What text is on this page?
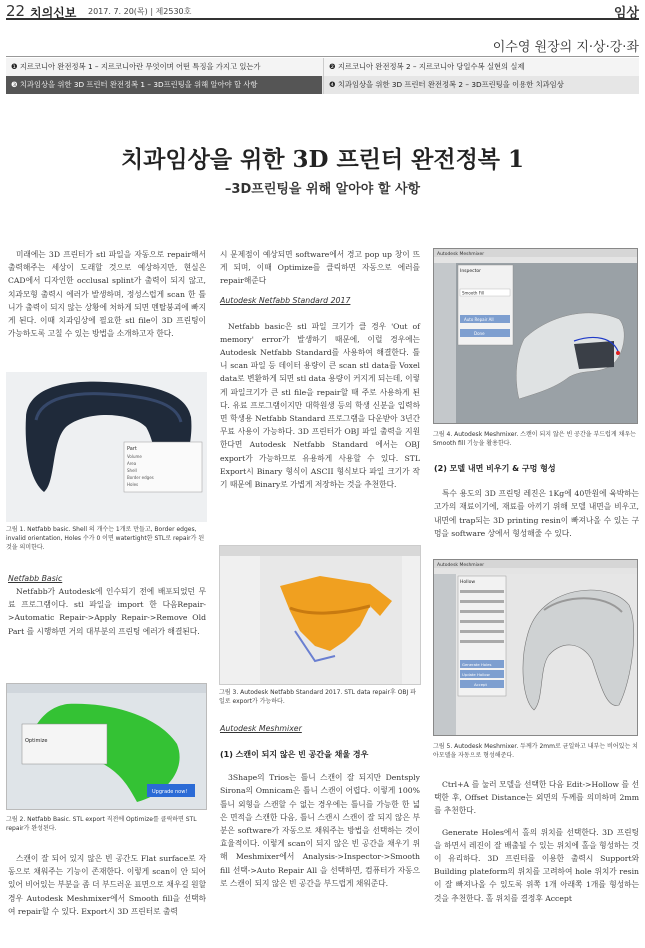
22 치의신보 2017. 7. 20(목) | 제2530호	임상
이수영 원장의 지·상·강·좌
❶ 지르코니아 완전정복 1 – 지르코니아란 무엇이며 어떤 특징을 가지고 있는가	❷ 지르코니아 완전정복 2 – 지르코니아 당일수복 실현의 실제
❸ 치과임상을 위한 3D 프린터 완전정복 1 – 3D프린팅을 위해 알아야 할 사항	❹ 치과임상을 위한 3D 프린터 완전정복 2 – 3D프린팅을 이용한 치과임상
치과임상을 위한 3D 프린터 완전정복 1
–3D프린팅을 위해 알아야 할 사항

미래에는 3D 프린터가 stl 파일을 자동으로 repair해서 출력해주는 세상이 도래할 것으로 예상하지만, 현실은 CAD에서 디자인한 occlusal splint가 출력이 되지 않고, 치과모형 출력시 에러가 발생하며, 정성스럽게 scan 한 틀니가 출력이 되지 않는 상황에 처하게 되면 멘탈붕괴에 빠지게 된다. 이때 치과임상에 필요한 stl file이 3D 프린팅이 가능하도록 고칠 수 있는 방법을 소개하고자 한다.

Part
Volume
Area
Shell
Border edges
Holes
그림 1. Netfabb basic. Shell 의 개수는 1개로 만들고, Border edges, invalid orientation, Holes 수가 0 이면 watertight한 STL로 repair가 된 것을 의미한다.
Netfabb Basic

Netfabb가 Autodesk에 인수되기 전에 배포되었던 무료 프로그램이다. stl 파일을 import 한 다음Repair->Automatic Repair->Apply Repair->Remove Old Part 를 시행하면 거의 대부분의 프린팅 에러가 해결된다.

Optimize
Upgrade now!
그림 2. Netfabb Basic. STL export 직전에 Optimize를 클릭하면 STL repair가 완성된다.

스캔이 잘 되어 있지 않은 빈 공간도 Flat surface로 자동으로 채워주는 기능이 존재한다. 이렇게 scan이 안 되어있어 비어있는 부분을 좀 더 부드러운 표면으로 채우길 원할 경우 Autodesk Meshmixer에서 Smooth fill을 선택하여 repair할 수 있다. Export시 3D 프린터로 출력

시 문제점이 예상되면 software에서 경고 pop up 창이 뜨게 되며, 이때 Optimize를 클릭하면 자동으로 에러를 repair해준다

Autodesk Netfabb Standard 2017

Netfabb basic은 stl 파일 크기가 클 경우 'Out of memory' error가 발생하기 때문에, 이럴 경우에는 Autodesk Netfabb Standard를 사용하여 해결한다. 틀니 scan 파일 등 데이터 용량이 큰 scan stl data를 Voxel data로 변환하게 되면 stl data 용량이 커지게 되는데, 이렇게 파일크기가 큰 stl file을 repair할 때 주로 사용하게 된다. 유료 프로그램이지만 대학원생 등의 학생 신분을 입력하면 학생용 Netfabb Standard 프로그램을 다운받아 3년간 무료 사용이 가능하다. 3D 프린터가 OBJ 파일 출력을 지원한다면 Autodesk Netfabb Standard 에서는 OBJ export가 가능하므로 유용하게 사용할 수 있다. STL Export시 Binary 형식이 ASCII 형식보다 파일 크기가 작기 때문에 Binary로 가볍게 저장하는 것을 추천한다.

그림 3. Autodesk Netfabb Standard 2017. STL data repair후 OBJ 파일로 export가 가능하다.
Autodesk Meshmixer
(1) 스캔이 되지 않은 빈 공간을 채울 경우

3Shape의 Trios는 틀니 스캔이 잘 되지만 Dentsply Sirona의 Omnicam은 틀니 스캔이 어렵다. 이렇게 100% 틀니 외형을 스캔할 수 없는 경우에는 틀니를 가능한 한 넓은 면적을 스캔한 다음, 틀니 스캔시 스캔이 잘 되지 않은 부분은 software가 자동으로 채워주는 방법을 선택하는 것이 효율적이다. 이렇게 scan이 되지 않은 빈 공간을 채우기 위해 Meshmixer에서 Analysis->Inspector->Smooth fill 선택->Auto Repair All 을 선택하면, 컴퓨터가 자동으로 스캔이 되지 않은 빈 공간을 부드럽게 채워준다.

Autodesk Meshmixer
Inspector
Smooth Fill
Auto Repair All
Done
그림 4. Autodesk Meshmixer. 스캔이 되지 않은 빈 공간을 부드럽게 채우는 Smooth fill 기능을 활용한다.
(2) 모델 내면 비우기 & 구멍 형성

특수 용도의 3D 프린팅 레진은 1Kg에 40만원에 육박하는 고가의 재료이기에, 재료를 아끼기 위해 모델 내면을 비우고, 내면에 trap되는 3D printing resin이 빠져나올 수 있는 구멍을 software 상에서 형성해줄 수 있다.

Autodesk Meshmixer
Hollow
Generate Holes
Update Hollow
Accept
그림 5. Autodesk Meshmixer. 두께가 2mm로 균일하고 내부는 비어있는 치아모델을 자동으로 형성해준다.

Ctrl+A 를 눌러 모델을 선택한 다음 Edit->Hollow 를 선택한 후, Offset Distance는 외면의 두께를 의미하며 2mm를 추천한다.

Generate Holes에서 홀의 위치를 선택한다. 3D 프린팅을 하면서 레진이 잘 배출될 수 있는 위치에 홀을 형성하는 것이 유리하다. 3D 프린터를 이용한 출력시 Support와 Building plateform의 위치를 고려하여 hole 위치가 resin이 잘 빠져나올 수 있도록 위쪽 1개 아래쪽 1개를 형성하는 것을 추천한다. 홀 위치를 결정후 Accept
